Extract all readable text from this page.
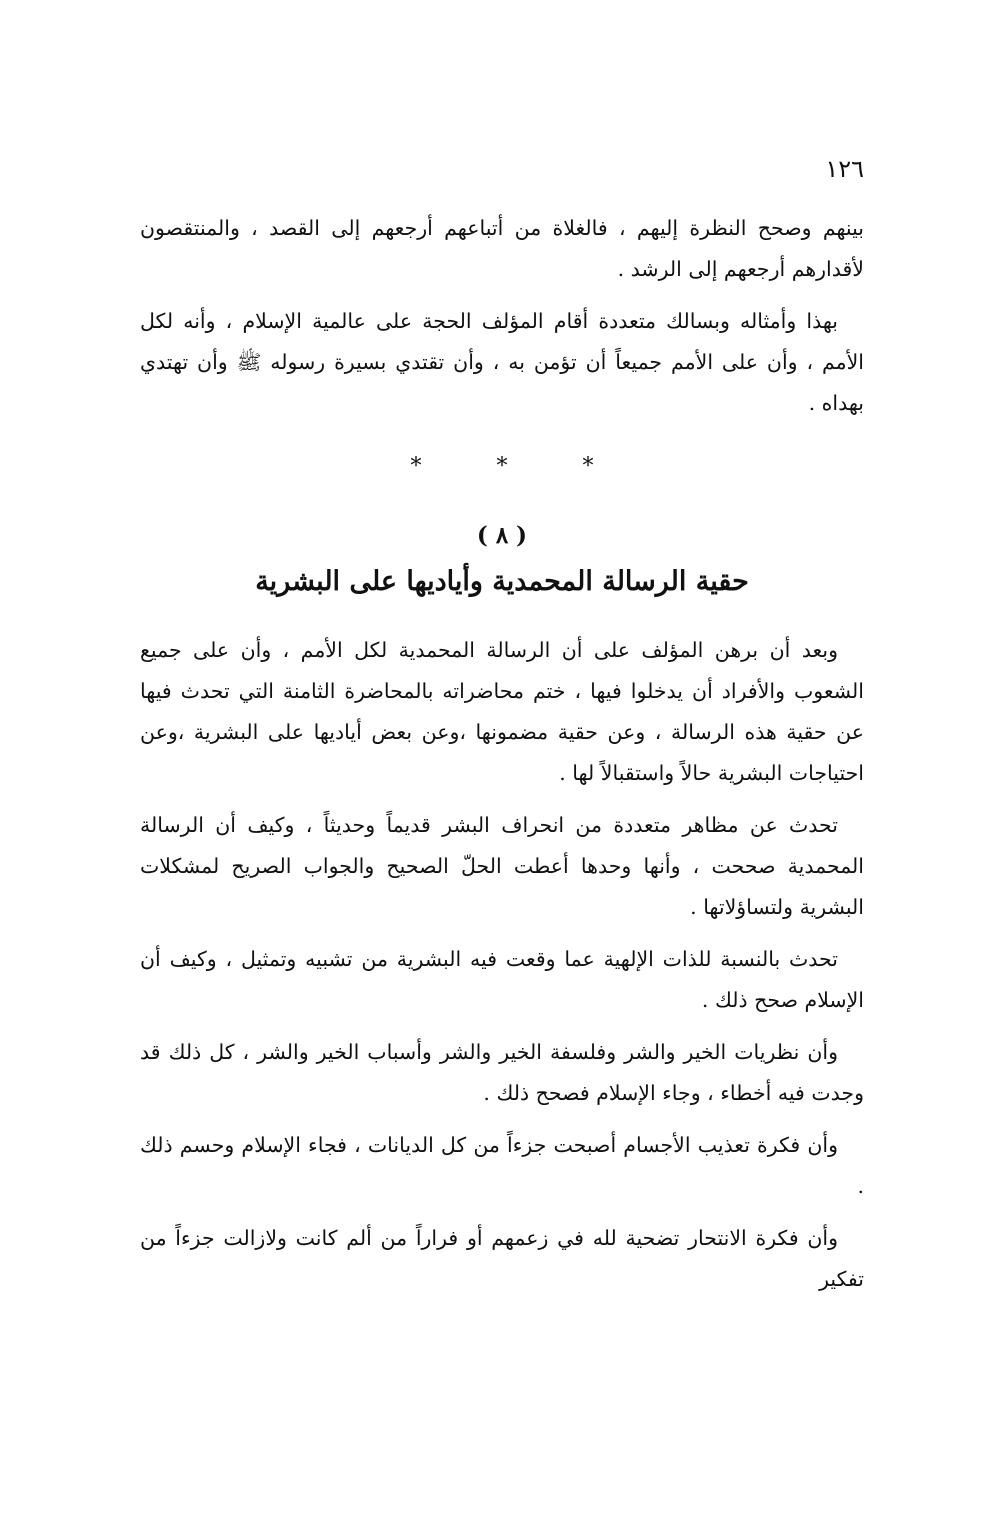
١٢٦

بينهم وصحح النظرة إليهم ، فالغلاة من أتباعهم أرجعهم إلى القصد ، والمنتقصون لأقدارهم أرجعهم إلى الرشد .

بهذا وأمثاله وبسالك متعددة أقام المؤلف الحجة على عالمية الإسلام ، وأنه لكل الأمم ، وأن على الأمم جميعاً أن تؤمن به ، وأن تقتدي بسيرة رسوله ﷺ وأن تهتدي بهداه .

* * *
( ٨ )
حقية الرسالة المحمدية وأياديها على البشرية

وبعد أن برهن المؤلف على أن الرسالة المحمدية لكل الأمم ، وأن على جميع الشعوب والأفراد أن يدخلوا فيها ، ختم محاضراته بالمحاضرة الثامنة التي تحدث فيها عن حقية هذه الرسالة ، وعن حقية مضمونها ،وعن بعض أياديها على البشرية ،وعن احتياجات البشرية حالاً واستقبالاً لها .

تحدث عن مظاهر متعددة من انحراف البشر قديماً وحديثاً ، وكيف أن الرسالة المحمدية صححت ، وأنها وحدها أعطت الحلّ الصحيح والجواب الصريح لمشكلات البشرية ولتساؤلاتها .

تحدث بالنسبة للذات الإلهية عما وقعت فيه البشرية من تشبيه وتمثيل ، وكيف أن الإسلام صحح ذلك .

وأن نظريات الخير والشر وفلسفة الخير والشر وأسباب الخير والشر ، كل ذلك قد وجدت فيه أخطاء ، وجاء الإسلام فصحح ذلك .

وأن فكرة تعذيب الأجسام أصبحت جزءاً من كل الديانات ، فجاء الإسلام وحسم ذلك .

وأن فكرة الانتحار تضحية لله في زعمهم أو فراراً من ألم كانت ولازالت جزءاً من تفكير
